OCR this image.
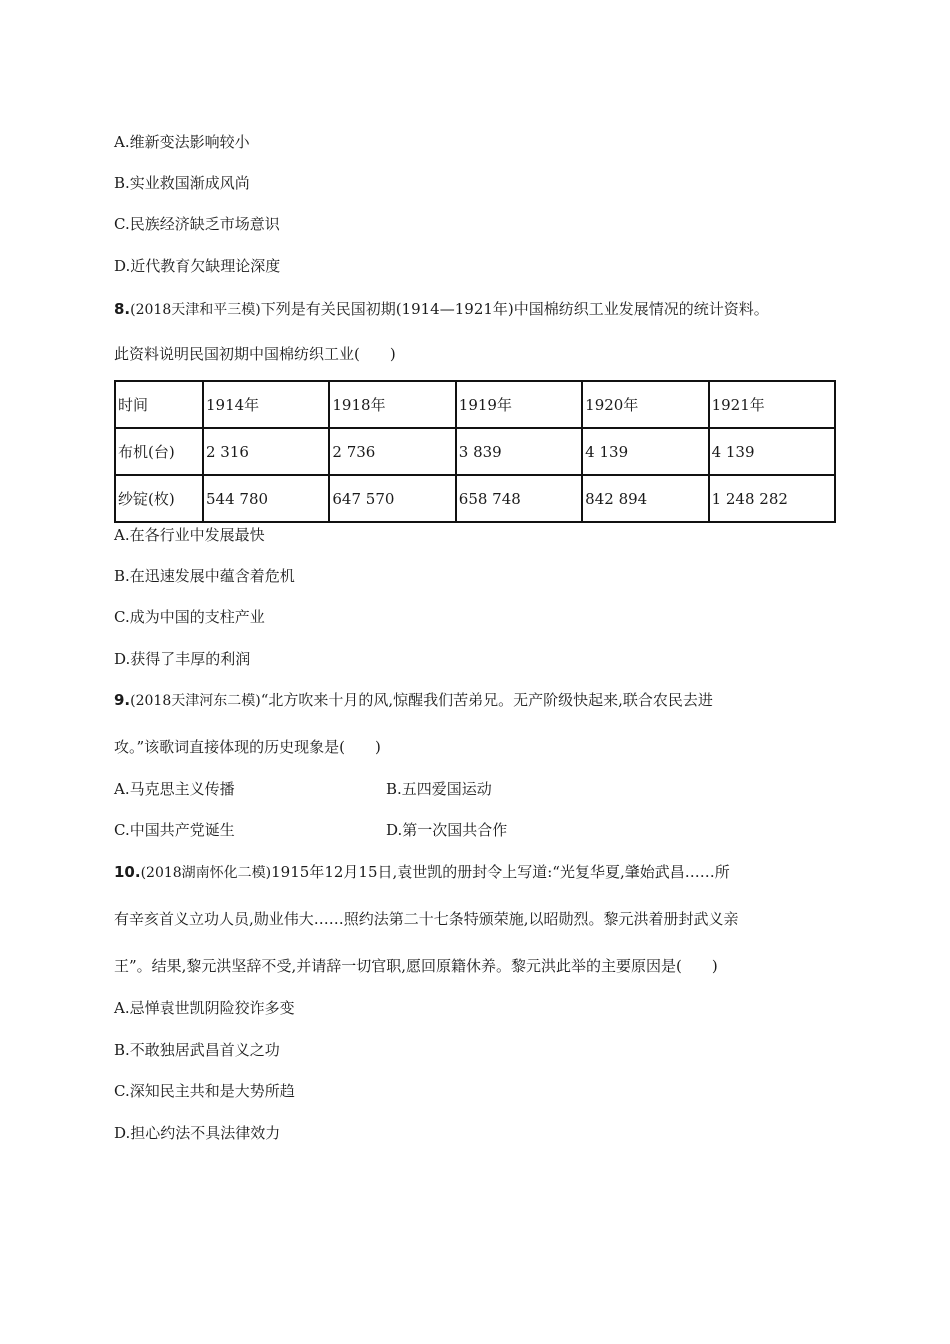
A.维新变法影响较小
B.实业救国渐成风尚
C.民族经济缺乏市场意识
D.近代教育欠缺理论深度
8.(2018天津和平三模)下列是有关民国初期(1914—1921年)中国棉纺织工业发展情况的统计资料。
此资料说明民国初期中国棉纺织工业(　　)
时间	1914年	1918年	1919年	1920年	1921年
布机(台)	2 316	2 736	3 839	4 139	4 139
纱锭(枚)	544 780	647 570	658 748	842 894	1 248 282
A.在各行业中发展最快
B.在迅速发展中蕴含着危机
C.成为中国的支柱产业
D.获得了丰厚的利润
9.(2018天津河东二模)“北方吹来十月的风,惊醒我们苦弟兄。无产阶级快起来,联合农民去进
攻。”该歌词直接体现的历史现象是(　　)
A.马克思主义传播	B.五四爱国运动
C.中国共产党诞生	D.第一次国共合作
10.(2018湖南怀化二模)1915年12月15日,袁世凯的册封令上写道:“光复华夏,肇始武昌……所
有辛亥首义立功人员,勋业伟大……照约法第二十七条特颁荣施,以昭勋烈。黎元洪着册封武义亲
王”。结果,黎元洪坚辞不受,并请辞一切官职,愿回原籍休养。黎元洪此举的主要原因是(　　)
A.忌惮袁世凯阴险狡诈多变
B.不敢独居武昌首义之功
C.深知民主共和是大势所趋
D.担心约法不具法律效力
